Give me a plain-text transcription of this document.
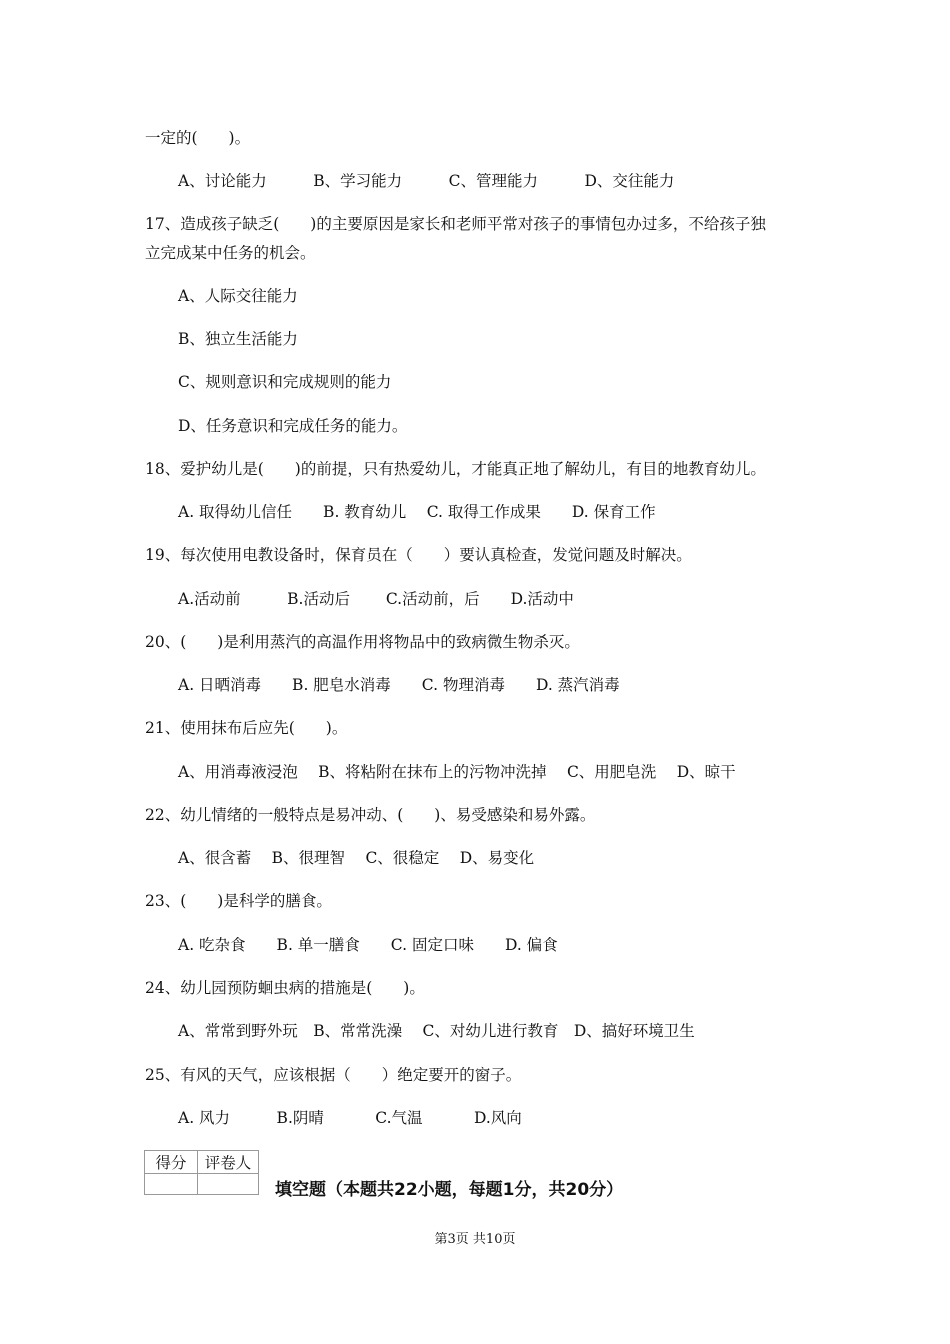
一定的(　　)。
A、讨论能力　　　B、学习能力　　　C、管理能力　　　D、交往能力
17、造成孩子缺乏(　　)的主要原因是家长和老师平常对孩子的事情包办过多，不给孩子独
立完成某中任务的机会。
A、人际交往能力
B、独立生活能力
C、规则意识和完成规则的能力
D、任务意识和完成任务的能力。
18、爱护幼儿是(　　)的前提，只有热爱幼儿，才能真正地了解幼儿，有目的地教育幼儿。
A. 取得幼儿信任　　B. 教育幼儿　 C. 取得工作成果　　D. 保育工作
19、每次使用电教设备时，保育员在（　　）要认真检查，发觉问题及时解决。
A.活动前　　　B.活动后　　 C.活动前，后　　D.活动中
20、(　　)是利用蒸汽的高温作用将物品中的致病微生物杀灭。
A. 日晒消毒　　B. 肥皂水消毒　　C. 物理消毒　　D. 蒸汽消毒
21、使用抹布后应先(　　)。
A、用消毒液浸泡　 B、将粘附在抹布上的污物冲洗掉　 C、用肥皂洗　 D、晾干
22、幼儿情绪的一般特点是易冲动、(　　)、易受感染和易外露。
A、很含蓄　 B、很理智　 C、很稳定　 D、易变化
23、(　　)是科学的膳食。
A. 吃杂食　　B. 单一膳食　　C. 固定口味　　D. 偏食
24、幼儿园预防蛔虫病的措施是(　　)。
A、常常到野外玩　B、常常洗澡　 C、对幼儿进行教育　D、搞好环境卫生
25、有风的天气，应该根据（　　）绝定要开的窗子。
A. 风力　　　B.阴晴　　　 C.气温　　　 D.风向
得分	评卷人

填空题（本题共22小题，每题1分，共20分）
第3页 共10页
